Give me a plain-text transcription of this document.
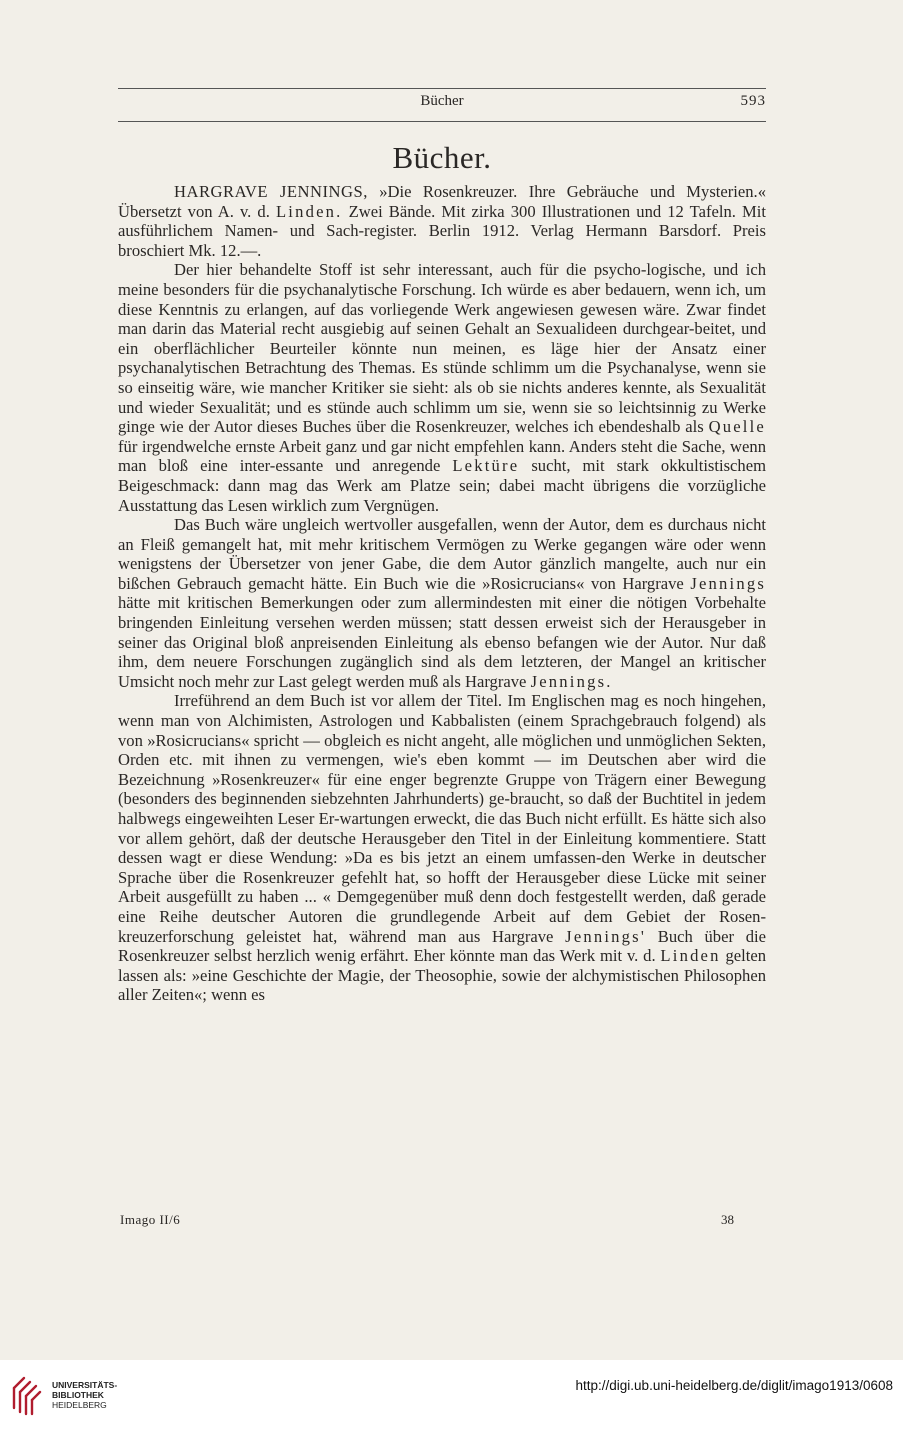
Bücher	593
Bücher.

HARGRAVE JENNINGS, »Die Rosenkreuzer. Ihre Gebräuche und Mysterien.« Übersetzt von A. v. d. Linden. Zwei Bände. Mit zirka 300 Illustrationen und 12 Tafeln. Mit ausführlichem Namen- und Sach-register. Berlin 1912. Verlag Hermann Barsdorf. Preis broschiert Mk. 12.—.

Der hier behandelte Stoff ist sehr interessant, auch für die psycho-logische, und ich meine besonders für die psychanalytische Forschung. Ich würde es aber bedauern, wenn ich, um diese Kenntnis zu erlangen, auf das vorliegende Werk angewiesen gewesen wäre. Zwar findet man darin das Material recht ausgiebig auf seinen Gehalt an Sexualideen durchgear-beitet, und ein oberflächlicher Beurteiler könnte nun meinen, es läge hier der Ansatz einer psychanalytischen Betrachtung des Themas. Es stünde schlimm um die Psychanalyse, wenn sie so einseitig wäre, wie mancher Kritiker sie sieht: als ob sie nichts anderes kennte, als Sexualität und wieder Sexualität; und es stünde auch schlimm um sie, wenn sie so leichtsinnig zu Werke ginge wie der Autor dieses Buches über die Rosenkreuzer, welches ich ebendeshalb als Quelle für irgendwelche ernste Arbeit ganz und gar nicht empfehlen kann. Anders steht die Sache, wenn man bloß eine inter-essante und anregende Lektüre sucht, mit stark okkultistischem Beigeschmack: dann mag das Werk am Platze sein; dabei macht übrigens die vorzügliche Ausstattung das Lesen wirklich zum Vergnügen.

Das Buch wäre ungleich wertvoller ausgefallen, wenn der Autor, dem es durchaus nicht an Fleiß gemangelt hat, mit mehr kritischem Vermögen zu Werke gegangen wäre oder wenn wenigstens der Übersetzer von jener Gabe, die dem Autor gänzlich mangelte, auch nur ein bißchen Gebrauch gemacht hätte. Ein Buch wie die »Rosicrucians« von Hargrave Jennings hätte mit kritischen Bemerkungen oder zum allermindesten mit einer die nötigen Vorbehalte bringenden Einleitung versehen werden müssen; statt dessen erweist sich der Herausgeber in seiner das Original bloß anpreisenden Einleitung als ebenso befangen wie der Autor. Nur daß ihm, dem neuere Forschungen zugänglich sind als dem letzteren, der Mangel an kritischer Umsicht noch mehr zur Last gelegt werden muß als Hargrave Jennings.

Irreführend an dem Buch ist vor allem der Titel. Im Englischen mag es noch hingehen, wenn man von Alchimisten, Astrologen und Kabbalisten (einem Sprachgebrauch folgend) als von »Rosicrucians« spricht — obgleich es nicht angeht, alle möglichen und unmöglichen Sekten, Orden etc. mit ihnen zu vermengen, wie's eben kommt — im Deutschen aber wird die Bezeichnung »Rosenkreuzer« für eine enger begrenzte Gruppe von Trägern einer Bewegung (besonders des beginnenden siebzehnten Jahrhunderts) ge-braucht, so daß der Buchtitel in jedem halbwegs eingeweihten Leser Er-wartungen erweckt, die das Buch nicht erfüllt. Es hätte sich also vor allem gehört, daß der deutsche Herausgeber den Titel in der Einleitung kommentiere. Statt dessen wagt er diese Wendung: »Da es bis jetzt an einem umfassen-den Werke in deutscher Sprache über die Rosenkreuzer gefehlt hat, so hofft der Herausgeber diese Lücke mit seiner Arbeit ausgefüllt zu haben ... « Demgegenüber muß denn doch festgestellt werden, daß gerade eine Reihe deutscher Autoren die grundlegende Arbeit auf dem Gebiet der Rosen-kreuzerforschung geleistet hat, während man aus Hargrave Jennings' Buch über die Rosenkreuzer selbst herzlich wenig erfährt. Eher könnte man das Werk mit v. d. Linden gelten lassen als: »eine Geschichte der Magie, der Theosophie, sowie der alchymistischen Philosophen aller Zeiten«; wenn es

Imago II/6	38
UNIVERSITÄTS-
BIBLIOTHEK
HEIDELBERG
http://digi.ub.uni-heidelberg.de/diglit/imago1913/0608
